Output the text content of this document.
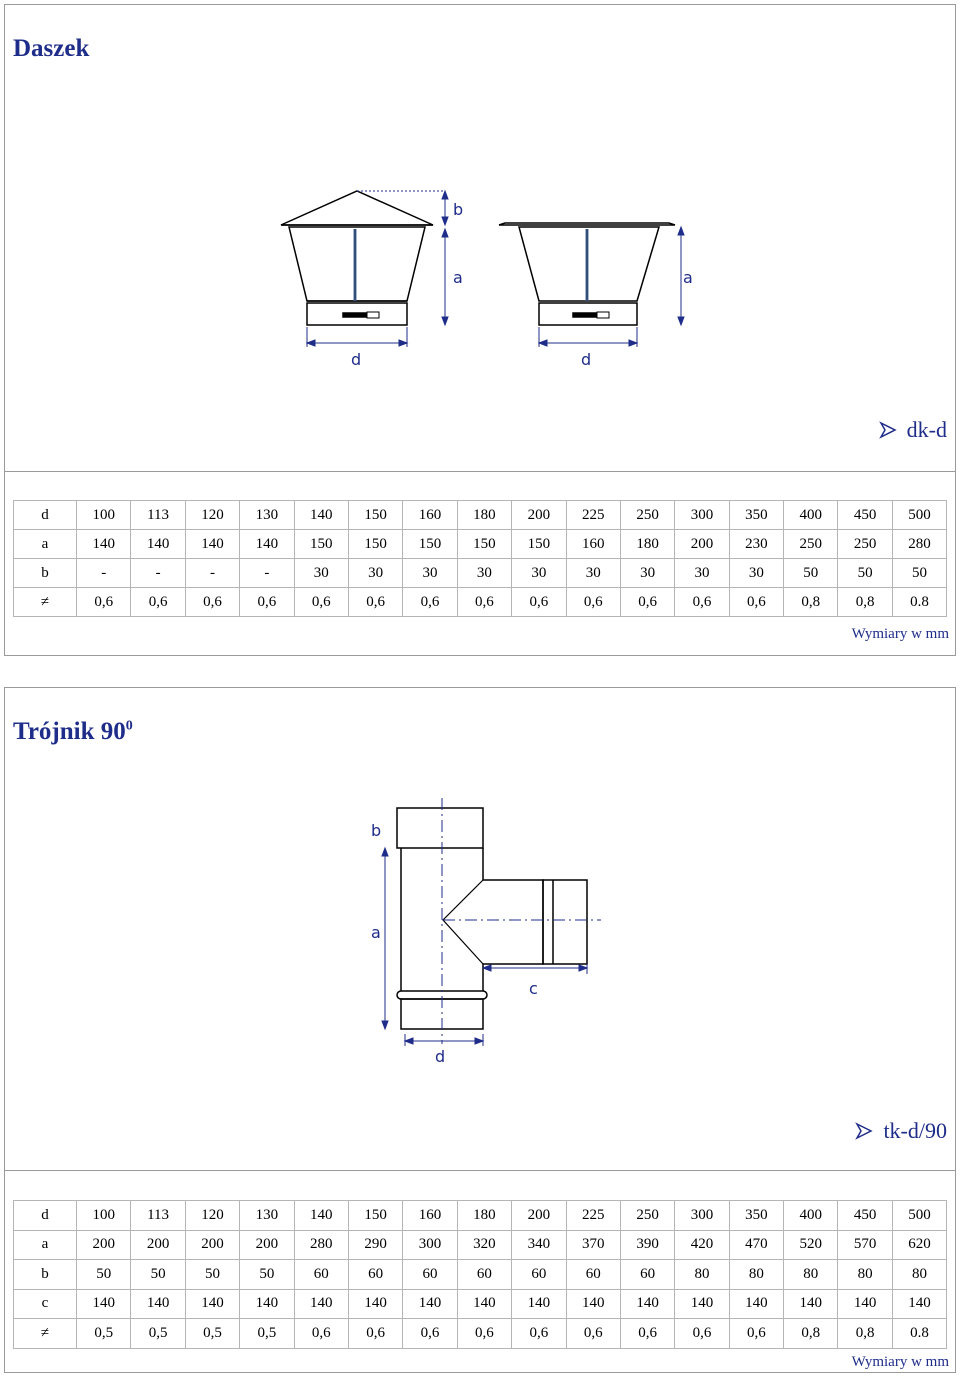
Daszek
b
a
d
a
d
dk-d
d	100	113	120	130	140	150	160	180	200	225	250	300	350	400	450	500
a	140	140	140	140	150	150	150	150	150	160	180	200	230	250	250	280
b	-	-	-	-	30	30	30	30	30	30	30	30	30	50	50	50
≠	0,6	0,6	0,6	0,6	0,6	0,6	0,6	0,6	0,6	0,6	0,6	0,6	0,6	0,8	0,8	0.8
Wymiary w mm
Trójnik $90^0$
b
a
c
d
tk-d/90
d	100	113	120	130	140	150	160	180	200	225	250	300	350	400	450	500
a	200	200	200	200	280	290	300	320	340	370	390	420	470	520	570	620
b	50	50	50	50	60	60	60	60	60	60	60	80	80	80	80	80
c	140	140	140	140	140	140	140	140	140	140	140	140	140	140	140	140
≠	0,5	0,5	0,5	0,5	0,6	0,6	0,6	0,6	0,6	0,6	0,6	0,6	0,6	0,8	0,8	0.8
Wymiary w mm
